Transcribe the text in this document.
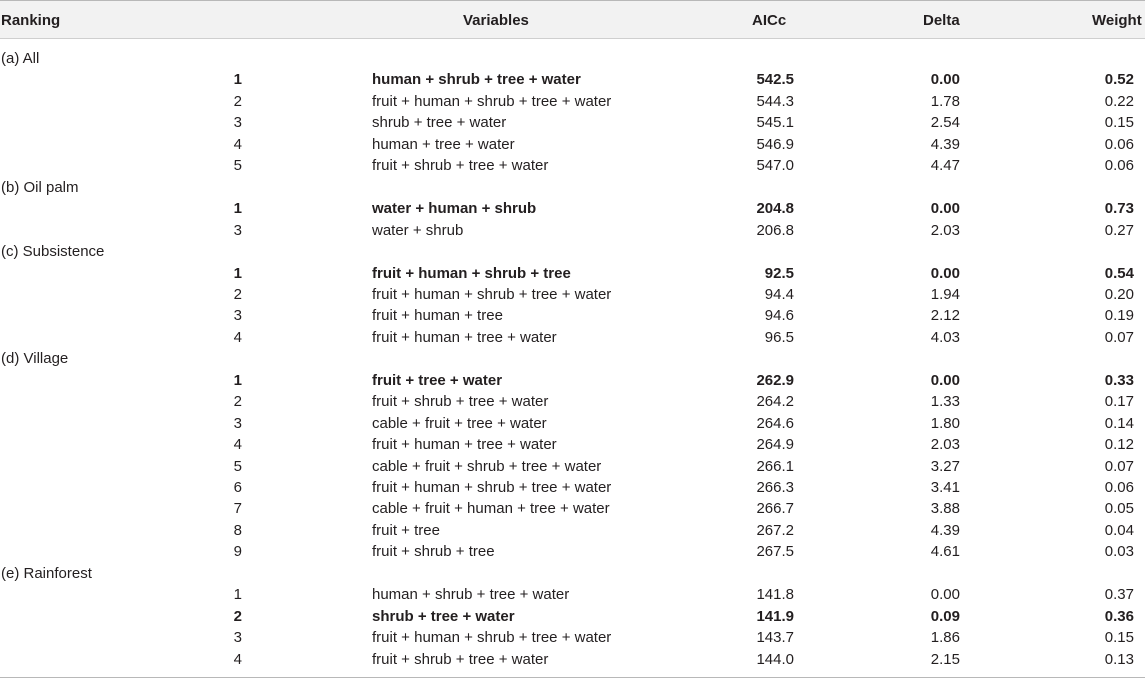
Ranking	Variables	AICc	Delta	Weight
(a) All
1	human + shrub + tree + water	542.5	0.00	0.52
2	fruit + human + shrub + tree + water	544.3	1.78	0.22
3	shrub + tree + water	545.1	2.54	0.15
4	human + tree + water	546.9	4.39	0.06
5	fruit + shrub + tree + water	547.0	4.47	0.06
(b) Oil palm
1	water + human + shrub	204.8	0.00	0.73
3	water + shrub	206.8	2.03	0.27
(c) Subsistence
1	fruit + human + shrub + tree	92.5	0.00	0.54
2	fruit + human + shrub + tree + water	94.4	1.94	0.20
3	fruit + human + tree	94.6	2.12	0.19
4	fruit + human + tree + water	96.5	4.03	0.07
(d) Village
1	fruit + tree + water	262.9	0.00	0.33
2	fruit + shrub + tree + water	264.2	1.33	0.17
3	cable + fruit + tree + water	264.6	1.80	0.14
4	fruit + human + tree + water	264.9	2.03	0.12
5	cable + fruit + shrub + tree + water	266.1	3.27	0.07
6	fruit + human + shrub + tree + water	266.3	3.41	0.06
7	cable + fruit + human + tree + water	266.7	3.88	0.05
8	fruit + tree	267.2	4.39	0.04
9	fruit + shrub + tree	267.5	4.61	0.03
(e) Rainforest
1	human + shrub + tree + water	141.8	0.00	0.37
2	shrub + tree + water	141.9	0.09	0.36
3	fruit + human + shrub + tree + water	143.7	1.86	0.15
4	fruit + shrub + tree + water	144.0	2.15	0.13
